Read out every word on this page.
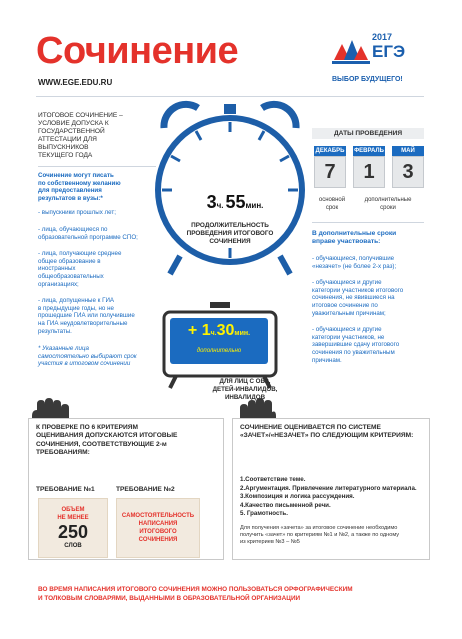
Сочинение
WWW.EGE.EDU.RU
2017
ЕГЭ
ВЫБОР БУДУЩЕГО!
ИТОГОВОЕ СОЧИНЕНИЕ –
УСЛОВИЕ ДОПУСКА К
ГОСУДАРСТВЕННОЙ
АТТЕСТАЦИИ ДЛЯ
ВЫПУСКНИКОВ
ТЕКУЩЕГО ГОДА
Сочинение могут писать
по собственному желанию
для предоставления
результатов в вузы:*
- выпускники прошлых лет;
- лица, обучающиеся по
образовательной программе СПО;
- лица, получающие среднее
общее образование в
иностранных
общеобразовательных
организациях;
- лица, допущенные к ГИА
в предыдущие годы, но не
прошедшие ГИА или получившие
на ГИА неудовлетворительные
результаты.
* Указанные лица
самостоятельно выбирают срок
участия в итоговом сочинении
3ч. 55мин.
ПРОДОЛЖИТЕЛЬНОСТЬ
ПРОВЕДЕНИЯ ИТОГОВОГО
СОЧИНЕНИЯ
+ 1ч.30мин.
дополнительно
ДЛЯ ЛИЦ С ОВЗ,
ДЕТЕЙ-ИНВАЛИДОВ,
ИНВАЛИДОВ
ДАТЫ ПРОВЕДЕНИЯ
ДЕКАБРЬ
7
ФЕВРАЛЬ
1
МАЙ
3
основной
срок
дополнительные
сроки
В дополнительные сроки
вправе участвовать:
- обучающиеся, получившие
«незачет» (не более 2-х раз);
- обучающиеся и другие
категории участников итогового
сочинения, не явившиеся на
итоговое сочинение по
уважительным причинам;
- обучающиеся и другие
категории участников, не
завершившие сдачу итогового
сочинения по уважительным
причинам.
К ПРОВЕРКЕ ПО 6 КРИТЕРИЯМ
ОЦЕНИВАНИЯ ДОПУСКАЮТСЯ ИТОГОВЫЕ
СОЧИНЕНИЯ, СООТВЕТСТВУЮЩИЕ 2-м
ТРЕБОВАНИЯМ:
ТРЕБОВАНИЕ №1	ТРЕБОВАНИЕ №2
ОБЪЕМ
НЕ МЕНЕЕ
250
СЛОВ
САМОСТОЯТЕЛЬНОСТЬ
НАПИСАНИЯ
ИТОГОВОГО
СОЧИНЕНИЯ
СОЧИНЕНИЕ ОЦЕНИВАЕТСЯ ПО СИСТЕМЕ
«ЗАЧЕТ»/«НЕЗАЧЕТ» ПО СЛЕДУЮЩИМ КРИТЕРИЯМ:
1.Соответствие теме.
2.Аргументация. Привлечение литературного материала.
3.Композиция и логика рассуждения.
4.Качество письменной речи.
5. Грамотность.
Для получения «зачета» за итоговое сочинение необходимо
получить «зачет» по критериям №1 и №2, а также по одному
из критериев №3 – №5
ВО ВРЕМЯ НАПИСАНИЯ ИТОГОВОГО СОЧИНЕНИЯ МОЖНО ПОЛЬЗОВАТЬСЯ ОРФОГРАФИЧЕСКИМ
И ТОЛКОВЫМ СЛОВАРЯМИ, ВЫДАННЫМИ В ОБРАЗОВАТЕЛЬНОЙ ОРГАНИЗАЦИИ
